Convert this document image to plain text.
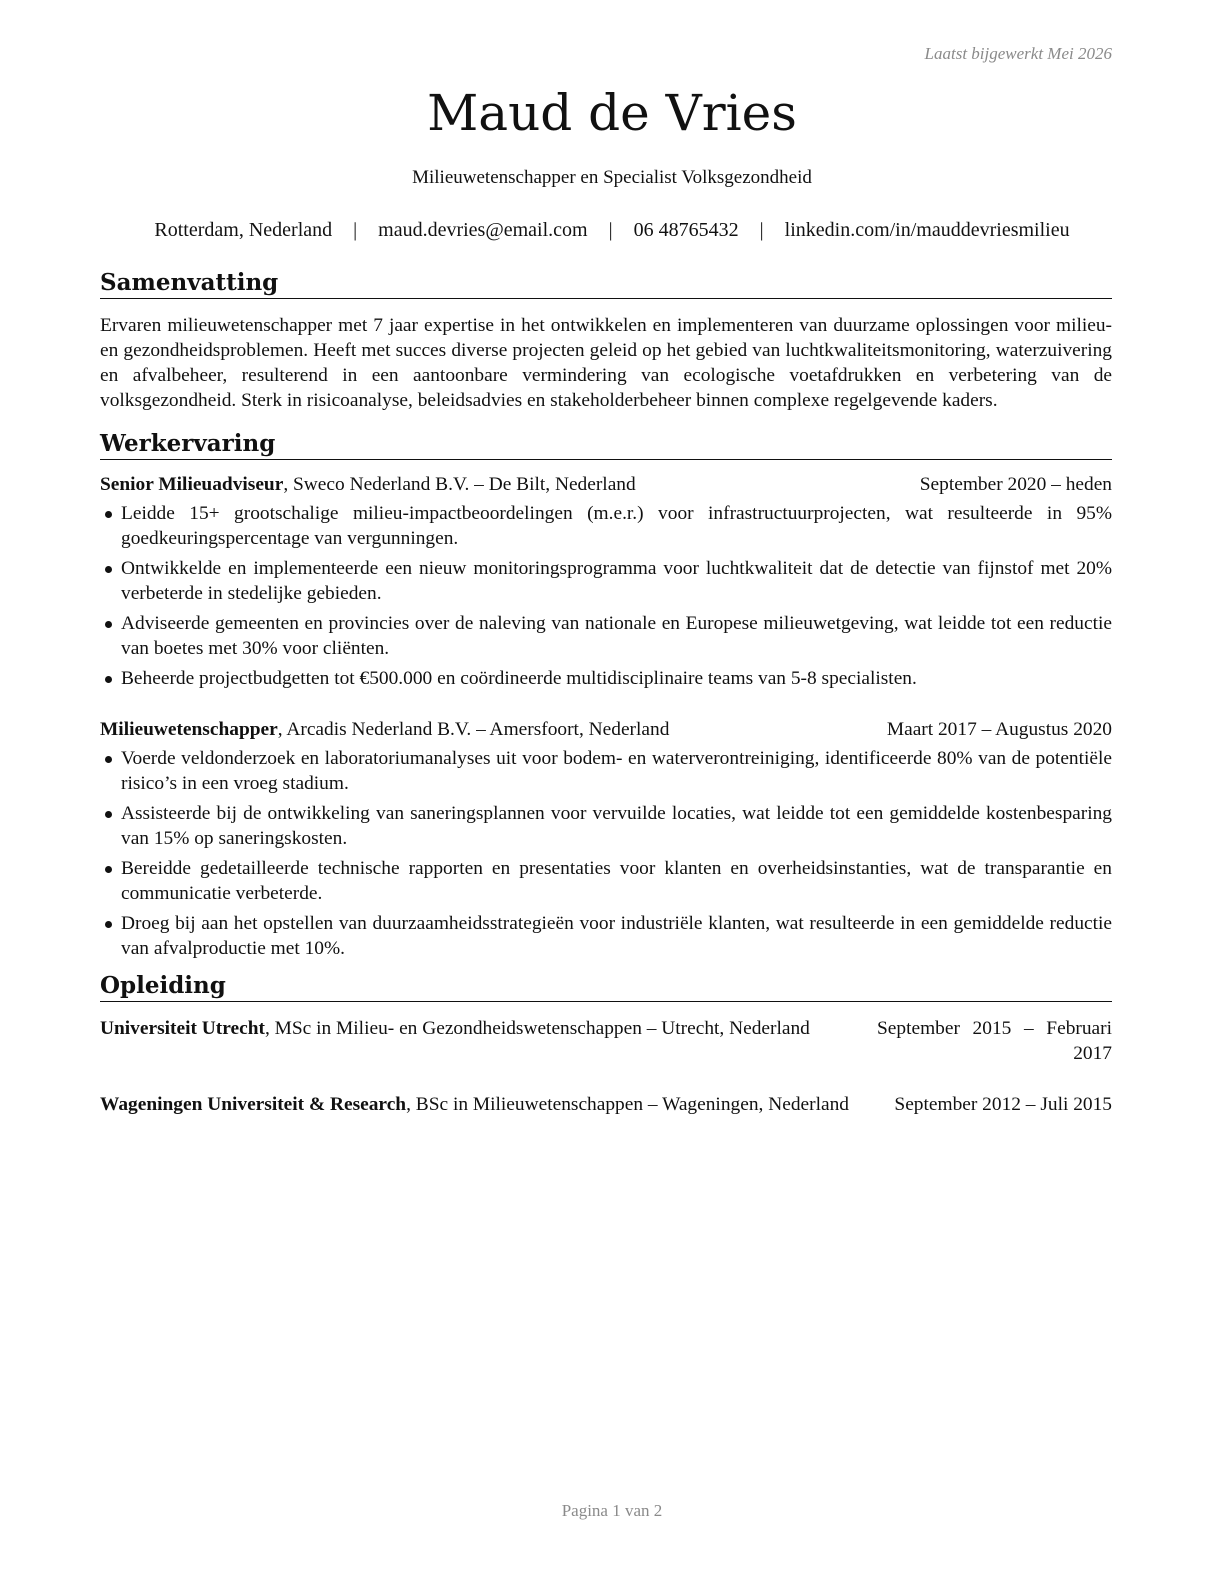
Laatst bijgewerkt Mei 2026
Maud de Vries
Milieuwetenschapper en Specialist Volksgezondheid
Rotterdam, Nederland | maud.devries@email.com | 06 48765432 | linkedin.com/in/mauddevriesmilieu
Samenvatting

Ervaren milieuwetenschapper met 7 jaar expertise in het ontwikkelen en implementeren van duurzame oplossingen voor milieu- en gezondheidsproblemen. Heeft met succes diverse projecten geleid op het gebied van luchtkwaliteitsmonitoring, waterzuivering en afvalbeheer, resulterend in een aantoonbare vermindering van ecologische voetafdrukken en verbetering van de volksgezondheid. Sterk in risicoanalyse, beleidsadvies en stakeholderbeheer binnen complexe regelgevende kaders.

Werkervaring
Senior Milieuadviseur, Sweco Nederland B.V. – De Bilt, Nederland	September 2020 – heden
Leidde 15+ grootschalige milieu-impactbeoordelingen (m.e.r.) voor infrastructuurprojecten, wat resulteerde in 95% goedkeuringspercentage van vergunningen.
Ontwikkelde en implementeerde een nieuw monitoringsprogramma voor luchtkwaliteit dat de detectie van fijnstof met 20% verbeterde in stedelijke gebieden.
Adviseerde gemeenten en provincies over de naleving van nationale en Europese milieuwetgeving, wat leidde tot een reductie van boetes met 30% voor cliënten.
Beheerde projectbudgetten tot €500.000 en coördineerde multidisciplinaire teams van 5-8 specialisten.
Milieuwetenschapper, Arcadis Nederland B.V. – Amersfoort, Nederland	Maart 2017 – Augustus 2020
Voerde veldonderzoek en laboratoriumanalyses uit voor bodem- en waterverontreiniging, identificeerde 80% van de potentiële risico’s in een vroeg stadium.
Assisteerde bij de ontwikkeling van saneringsplannen voor vervuilde locaties, wat leidde tot een gemiddelde kostenbesparing van 15% op saneringskosten.
Bereidde gedetailleerde technische rapporten en presentaties voor klanten en overheidsinstanties, wat de transparantie en communicatie verbeterde.
Droeg bij aan het opstellen van duurzaamheidsstrategieën voor industriële klanten, wat resulteerde in een gemiddelde reductie van afvalproductie met 10%.
Opleiding
Universiteit Utrecht, MSc in Milieu- en Gezondheidswetenschappen – Utrecht, Nederland	September 2015 – Februari 2017
Wageningen Universiteit & Research, BSc in Milieuwetenschappen – Wageningen, Nederland	September 2012 – Juli 2015
Pagina 1 van 2
